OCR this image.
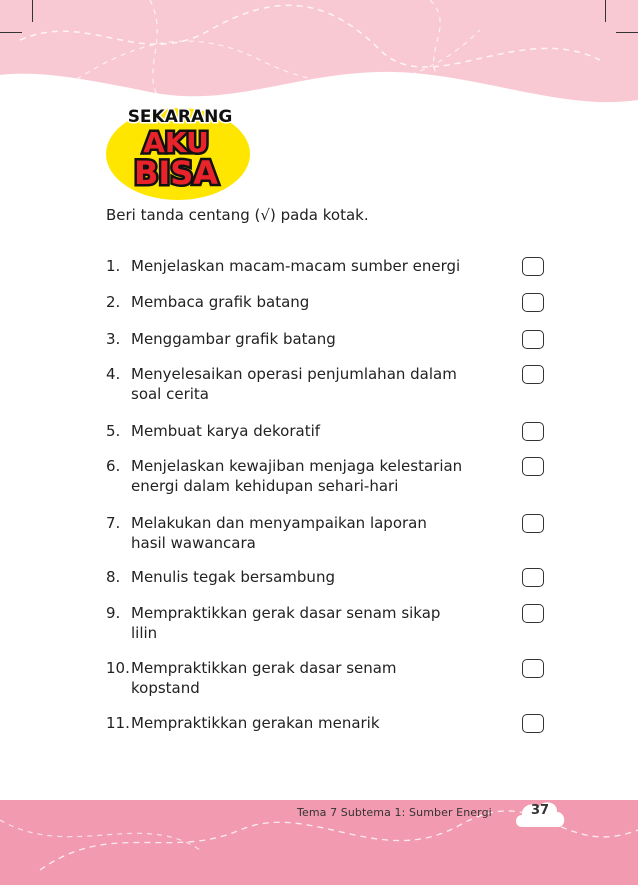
SEKARANG
AKU
BISA
Beri tanda centang (√) pada kotak.
1. Menjelaskan macam-macam sumber energi
2. Membaca grafik batang
3. Menggambar grafik batang
4. Menyelesaikan operasi penjumlahan dalam
soal cerita
5. Membuat karya dekoratif
6. Menjelaskan kewajiban menjaga kelestarian
energi dalam kehidupan sehari-hari
7. Melakukan dan menyampaikan laporan
hasil wawancara
8. Menulis tegak bersambung
9. Mempraktikkan gerak dasar senam sikap
lilin
10. Mempraktikkan gerak dasar senam
kopstand
11. Mempraktikkan gerakan menarik
Tema 7 Subtema 1: Sumber Energi	37
